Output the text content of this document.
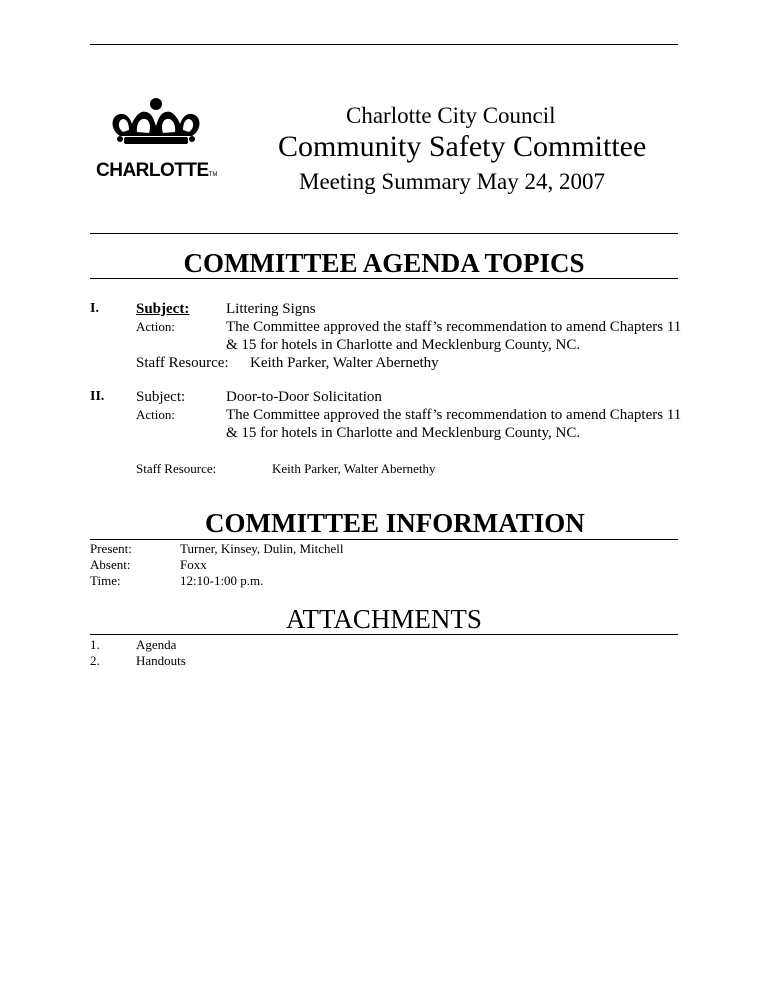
CHARLOTTETM
Charlotte City Council
Community Safety Committee
Meeting Summary May 24, 2007
COMMITTEE AGENDA TOPICS
I. Subject: Littering Signs
Action:	The Committee approved the staff’s recommendation to amend Chapters 11
& 15 for hotels in Charlotte and Mecklenburg County, NC.
Staff Resource: Keith Parker, Walter Abernethy
II. Subject:	Door-to-Door Solicitation
Action:	The Committee approved the staff’s recommendation to amend Chapters 11
& 15 for hotels in Charlotte and Mecklenburg County, NC.
Staff Resource:	Keith Parker, Walter Abernethy
COMMITTEE INFORMATION
Present:	Turner, Kinsey, Dulin, Mitchell
Absent:	Foxx
Time:	12:10-1:00 p.m.
ATTACHMENTS
1.	Agenda
2.	Handouts
